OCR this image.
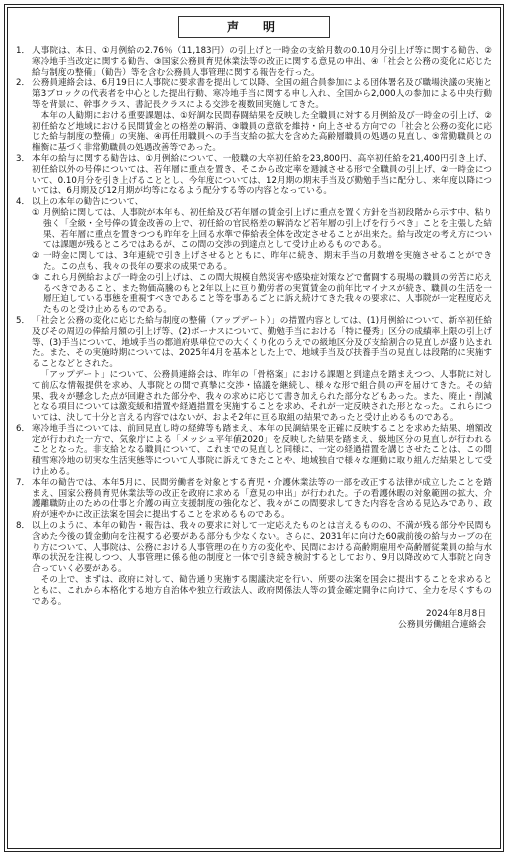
声　明
1． 人事院は、本日、①月例給の2.76％（11,183円）の引上げと一時金の支給月数の0.10月分引上げ等に関する勧告、②寒冷地手当改定に関する勧告、③国家公務員育児休業法等の改正に関する意見の申出、④「社会と公務の変化に応じた給与制度の整備」（勧告）等を含む公務員人事管理に関する報告を行った。
2． 公務員連絡会は、6月19日に人事院に要求書を提出して以降、全国の組合員参加による団体署名及び職場決議の実施と第3ブロックの代表者を中心とした提出行動、寒冷地手当に関する申し入れ、全国から2,000人の参加による中央行動等を背景に、幹事クラス、書記長クラスによる交渉を複数回実施してきた。
本年の人勧期における重要課題は、①好調な民間春闘結果を反映した全職員に対する月例給及び一時金の引上げ、②初任給など地域における民間賃金との格差の解消、③職員の意欲を維持・向上させる方向での「社会と公務の変化に応じた給与制度の整備」の実施、④再任用職員への手当支給の拡大を含めた高齢層職員の処遇の見直し、⑤常勤職員との権衡に基づく非常勤職員の処遇改善等であった。
3． 本年の給与に関する勧告は、①月例給について、一般職の大卒初任給を23,800円、高卒初任給を21,400円引き上げ、初任給以外の号俸については、若年層に重点を置き、そこから改定率を逓減させる形で全職員の引上げ、②一時金について、0.10月分を引き上げることとし、今年度については、12月期の期末手当及び勤勉手当に配分し、来年度以降については、6月期及び12月期が均等になるよう配分する等の内容となっている。
4． 以上の本年の勧告について、
① 月例給に関しては、人事院が本年も、初任給及び若年層の賃金引上げに重点を置く方針を当初段階から示す中、粘り強く「全級・全号俸の賃金改善の上で、初任給の官民格差の解消など若年層の引上げを行うべき」ことを主張した結果、若年層に重点を置きつつも昨年を上回る水準で俸給表全体を改定させることが出来た。給与改定の考え方については課題が残るところではあるが、この間の交渉の到達点として受け止めるものである。
② 一時金に関しては、3年連続で引き上げさせるとともに、昨年に続き、期末手当の月数増を実施させることができた。この点も、我々の長年の要求の成果である。
③ これら月例給および一時金の引上げは、この間大規模自然災害や感染症対策などで奮闘する現場の職員の労苦に応えるべきであること、また物価高騰のもと2年以上に亘り勤労者の実質賃金の前年比マイナスが続き、職員の生活を一層圧迫している事態を重視すべきであること等を事あるごとに訴え続けてきた我々の要求に、人事院が一定程度応えたものと受け止めるものである。
5． 「社会と公務の変化に応じた給与制度の整備（アップデート）」の措置内容としては、(1)月例給について、新卒初任給及びその周辺の俸給月額の引上げ等、(2)ボーナスについて、勤勉手当における「特に優秀」区分の成績率上限の引上げ等、(3)手当について、地域手当の都道府県単位での大くくり化のうえでの級地区分及び支給割合の見直しが盛り込まれた。また、その実施時期については、2025年4月を基本とした上で、地域手当及び扶養手当の見直しは段階的に実施することなどとされた。
「アップデート」について、公務員連絡会は、昨年の「骨格案」における課題と到達点を踏まえつつ、人事院に対して前広な情報提供を求め、人事院との間で真摯に交渉・協議を継続し、様々な形で組合員の声を届けてきた。その結果、我々が懸念した点が回避された部分や、我々の求めに応じて書き加えられた部分などもあった。また、廃止・削減となる項目については激変緩和措置や経過措置を実施することを求め、それが一定反映された形となった。これらについては、決して十分と言える内容ではないが、およそ2年に亘る取組の結果であったと受け止めるものである。
6． 寒冷地手当については、前回見直し時の経緯等も踏まえ、本年の民調結果を正確に反映することを求めた結果、増額改定が行われた一方で、気象庁による「メッシュ平年値2020」を反映した結果を踏まえ、級地区分の見直しが行われることとなった。非支給となる職員について、これまでの見直しと同様に、一定の経過措置を講じさせたことは、この間積雪寒冷地の切実な生活実態等について人事院に訴えてきたことや、地域独自で様々な運動に取り組んだ結果として受け止める。
7． 本年の勧告では、本年5月に、民間労働者を対象とする育児・介護休業法等の一部を改正する法律が成立したことを踏まえ、国家公務員育児休業法等の改正を政府に求める「意見の申出」が行われた。子の看護休暇の対象範囲の拡大、介護離職防止のための仕事と介護の両立支援制度の強化など、我々がこの間要求してきた内容を含める見込みであり、政府が速やかに改正法案を国会に提出することを求めるものである。
8． 以上のように、本年の勧告・報告は、我々の要求に対して一定応えたものとは言えるものの、不満が残る部分や民間も含めた今後の賃金動向を注視する必要がある部分も少なくない。さらに、2031年に向けた60歳前後の給与カーブの在り方について、人事院は、公務における人事管理の在り方の変化や、民間における高齢期雇用や高齢層従業員の給与水準の状況を注視しつつ、人事管理に係る他の制度と一体で引き続き検討するとしており、9月以降改めて人事院と向き合っていく必要がある。
その上で、まずは、政府に対して、勧告通り実施する閣議決定を行い、所要の法案を国会に提出することを求めるとともに、これから本格化する地方自治体や独立行政法人、政府関係法人等の賃金確定闘争に向けて、全力を尽くすものである。
2024年8月8日
公務員労働組合連絡会
